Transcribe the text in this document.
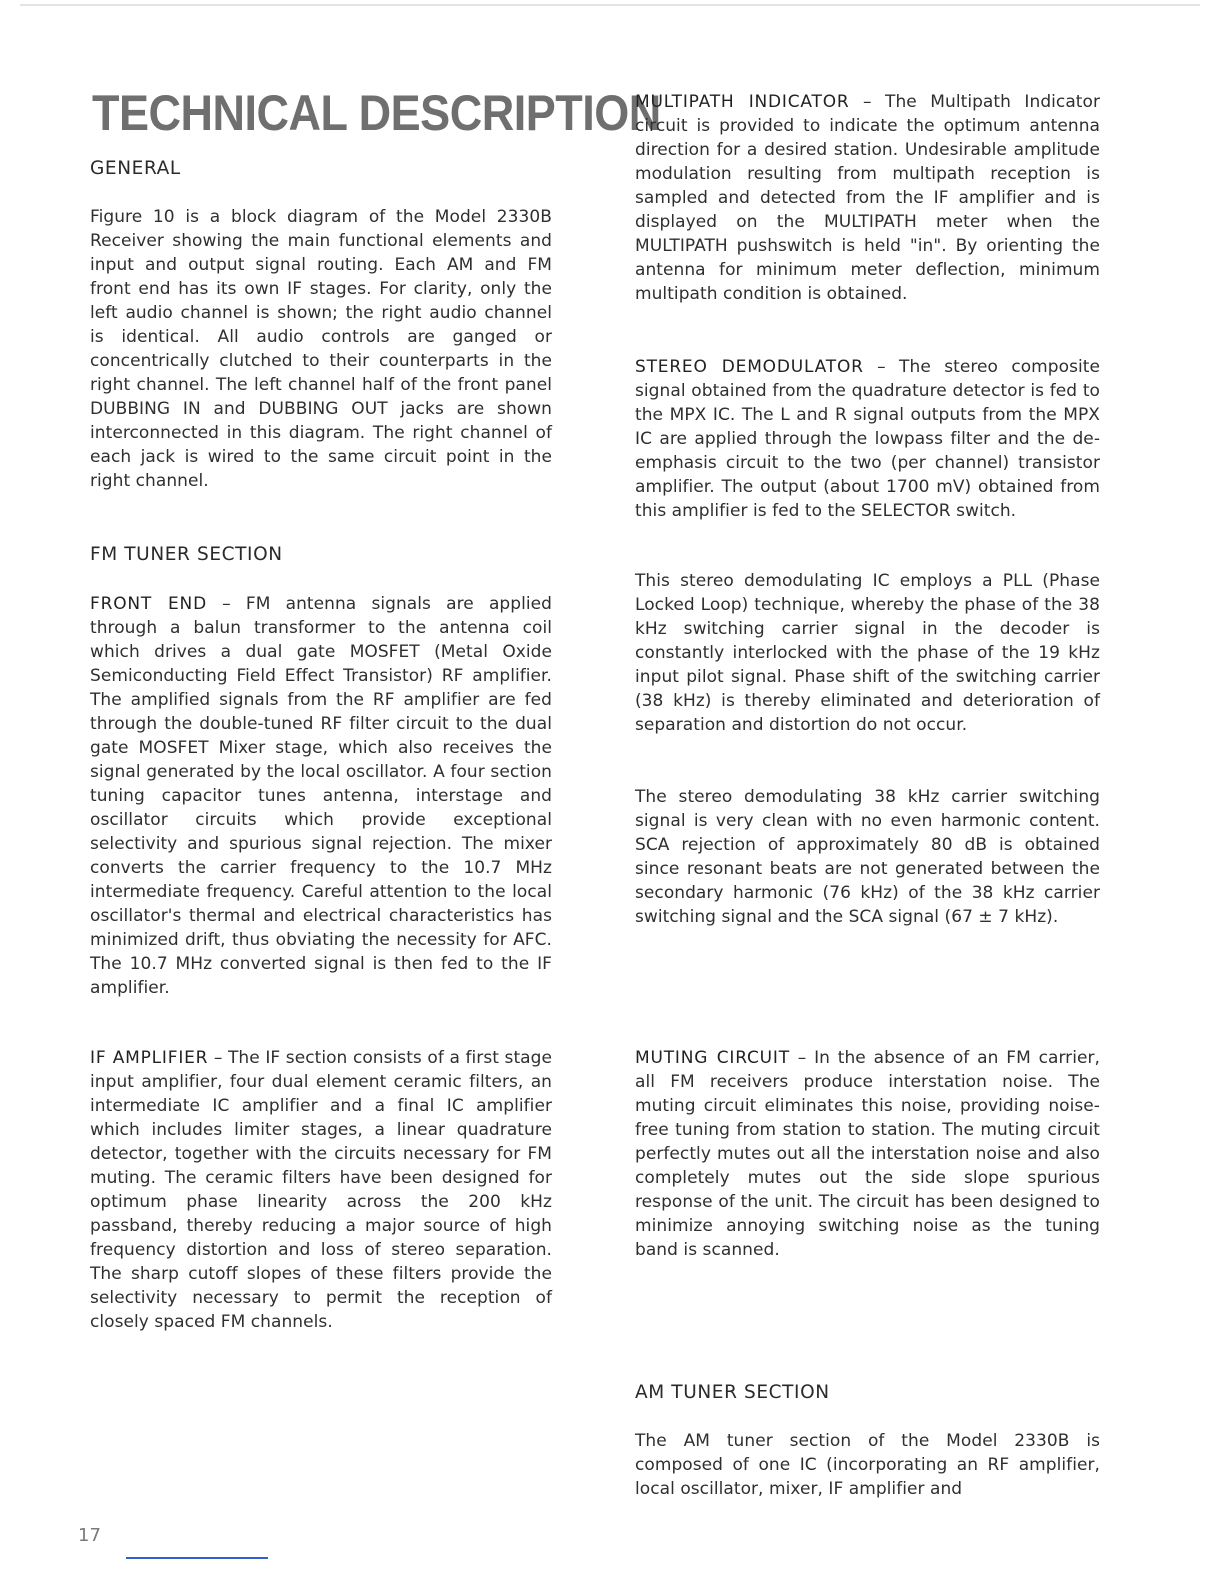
TECHNICAL DESCRIPTION
GENERAL

Figure 10 is a block diagram of the Model 2330B Receiver showing the main functional elements and input and output signal routing. Each AM and FM front end has its own IF stages. For clarity, only the left audio channel is shown; the right audio channel is identical. All audio controls are ganged or concentrically clutched to their counterparts in the right channel. The left channel half of the front panel DUBBING IN and DUBBING OUT jacks are shown interconnected in this diagram. The right channel of each jack is wired to the same circuit point in the right channel.

FM TUNER SECTION

FRONT END – FM antenna signals are applied through a balun transformer to the antenna coil which drives a dual gate MOSFET (Metal Oxide Semiconducting Field Effect Transistor) RF amplifier. The amplified signals from the RF amplifier are fed through the double-tuned RF filter circuit to the dual gate MOSFET Mixer stage, which also receives the signal generated by the local oscillator. A four section tuning capacitor tunes antenna, interstage and oscillator circuits which provide exceptional selectivity and spurious signal rejection. The mixer converts the carrier frequency to the 10.7 MHz intermediate frequency. Careful attention to the local oscillator's thermal and electrical characteristics has minimized drift, thus obviating the necessity for AFC. The 10.7 MHz converted signal is then fed to the IF amplifier.

IF AMPLIFIER – The IF section consists of a first stage input amplifier, four dual element ceramic filters, an intermediate IC amplifier and a final IC amplifier which includes limiter stages, a linear quadrature detector, together with the circuits necessary for FM muting. The ceramic filters have been designed for optimum phase linearity across the 200 kHz passband, thereby reducing a major source of high frequency distortion and loss of stereo separation. The sharp cutoff slopes of these filters provide the selectivity necessary to permit the reception of closely spaced FM channels.

MULTIPATH INDICATOR – The Multipath Indicator circuit is provided to indicate the optimum antenna direction for a desired station. Undesirable amplitude modulation resulting from multipath reception is sampled and detected from the IF amplifier and is displayed on the MULTIPATH meter when the MULTIPATH pushswitch is held "in". By orienting the antenna for minimum meter deflection, minimum multipath condition is obtained.

STEREO DEMODULATOR – The stereo composite signal obtained from the quadrature detector is fed to the MPX IC. The L and R signal outputs from the MPX IC are applied through the lowpass filter and the de-emphasis circuit to the two (per channel) transistor amplifier. The output (about 1700 mV) obtained from this amplifier is fed to the SELECTOR switch.

This stereo demodulating IC employs a PLL (Phase Locked Loop) technique, whereby the phase of the 38 kHz switching carrier signal in the decoder is constantly interlocked with the phase of the 19 kHz input pilot signal. Phase shift of the switching carrier (38 kHz) is thereby eliminated and deterioration of separation and distortion do not occur.

The stereo demodulating 38 kHz carrier switching signal is very clean with no even harmonic content. SCA rejection of approximately 80 dB is obtained since resonant beats are not generated between the secondary harmonic (76 kHz) of the 38 kHz carrier switching signal and the SCA signal (67 ± 7 kHz).

MUTING CIRCUIT – In the absence of an FM carrier, all FM receivers produce interstation noise. The muting circuit eliminates this noise, providing noise-free tuning from station to station. The muting circuit perfectly mutes out all the interstation noise and also completely mutes out the side slope spurious response of the unit. The circuit has been designed to minimize annoying switching noise as the tuning band is scanned.

AM TUNER SECTION

The AM tuner section of the Model 2330B is composed of one IC (incorporating an RF amplifier, local oscillator, mixer, IF amplifier and

17
